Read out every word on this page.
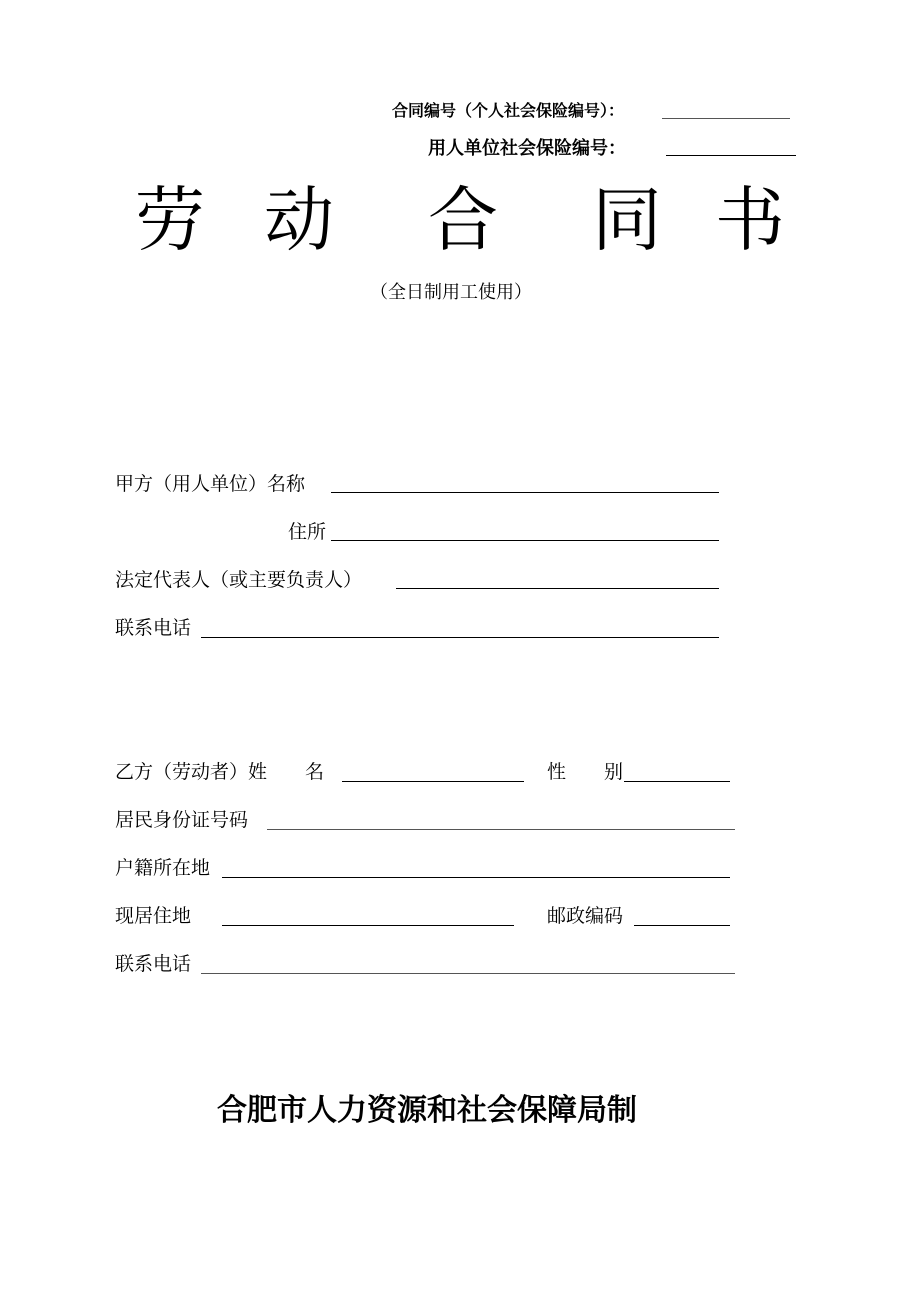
合同编号（个人社会保险编号）：
用人单位社会保险编号：
劳 动 合 同 书
（全日制用工使用）
甲方（用人单位）名称
住所
法定代表人（或主要负责人）
联系电话
乙方（劳动者）姓　　名	性　　别
居民身份证号码
户籍所在地
现居住地	邮政编码
联系电话
合肥市人力资源和社会保障局制
